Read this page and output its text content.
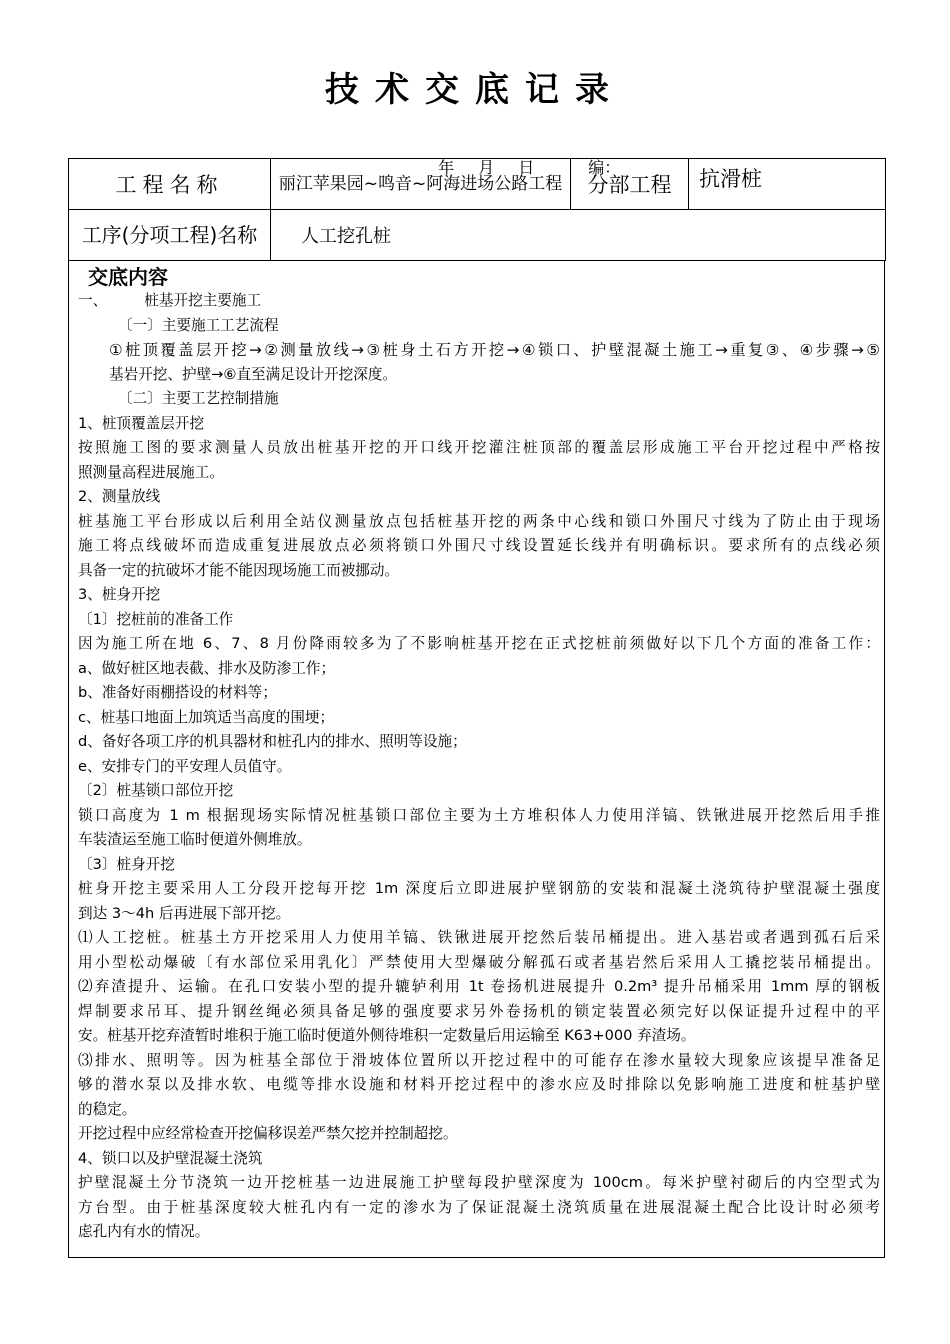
技术交底记录

年 月 日	编：

工程名称	丽江苹果园~鸣音~阿海进场公路工程	分部工程	抗滑桩
工序(分项工程)名称	人工挖孔桩		
交底内容
一、        桩基开挖主要施工
〔一〕主要施工工艺流程
①桩顶覆盖层开挖→②测量放线→③桩身土石方开挖→④锁口、护壁混凝土施工→重复③、④步骤→⑤
基岩开挖、护壁→⑥直至满足设计开挖深度。
〔二〕主要工艺控制措施
1、桩顶覆盖层开挖
按照施工图的要求测量人员放出桩基开挖的开口线开挖灌注桩顶部的覆盖层形成施工平台开挖过程中严格按
照测量高程进展施工。
2、测量放线
桩基施工平台形成以后利用全站仪测量放点包括桩基开挖的两条中心线和锁口外围尺寸线为了防止由于现场
施工将点线破坏而造成重复进展放点必须将锁口外围尺寸线设置延长线并有明确标识。要求所有的点线必须
具备一定的抗破坏才能不能因现场施工而被挪动。
3、桩身开挖
〔1〕挖桩前的准备工作
因为施工所在地 6、7、8 月份降雨较多为了不影响桩基开挖在正式挖桩前须做好以下几个方面的准备工作：
a、做好桩区地表截、排水及防渗工作；
b、准备好雨棚搭设的材料等；
c、桩基口地面上加筑适当高度的围埂；
d、备好各项工序的机具器材和桩孔内的排水、照明等设施；
e、安排专门的平安理人员值守。
〔2〕桩基锁口部位开挖
锁口高度为 1 m 根据现场实际情况桩基锁口部位主要为土方堆积体人力使用洋镐、铁锹进展开挖然后用手推
车装渣运至施工临时便道外侧堆放。
〔3〕桩身开挖
桩身开挖主要采用人工分段开挖每开挖 1m 深度后立即进展护壁钢筋的安装和混凝土浇筑待护壁混凝土强度
到达 3～4h 后再进展下部开挖。
⑴人工挖桩。桩基土方开挖采用人力使用羊镐、铁锹进展开挖然后装吊桶提出。进入基岩或者遇到孤石后采
用小型松动爆破〔有水部位采用乳化〕严禁使用大型爆破分解孤石或者基岩然后采用人工撬挖装吊桶提出。
⑵弃渣提升、运输。在孔口安装小型的提升辘轳利用 1t 卷扬机进展提升 0.2m³ 提升吊桶采用 1mm 厚的钢板
焊制要求吊耳、提升钢丝绳必须具备足够的强度要求另外卷扬机的锁定装置必须完好以保证提升过程中的平
安。桩基开挖弃渣暂时堆积于施工临时便道外侧待堆积一定数量后用运输至 K63+000 弃渣场。
⑶排水、照明等。因为桩基全部位于滑坡体位置所以开挖过程中的可能存在渗水量较大现象应该提早准备足
够的潜水泵以及排水软、电缆等排水设施和材料开挖过程中的渗水应及时排除以免影响施工进度和桩基护壁
的稳定。
开挖过程中应经常检查开挖偏移误差严禁欠挖并控制超挖。
4、锁口以及护壁混凝土浇筑
护壁混凝土分节浇筑一边开挖桩基一边进展施工护壁每段护壁深度为 100cm。每米护壁衬砌后的内空型式为
方台型。由于桩基深度较大桩孔内有一定的渗水为了保证混凝土浇筑质量在进展混凝土配合比设计时必须考
虑孔内有水的情况。
